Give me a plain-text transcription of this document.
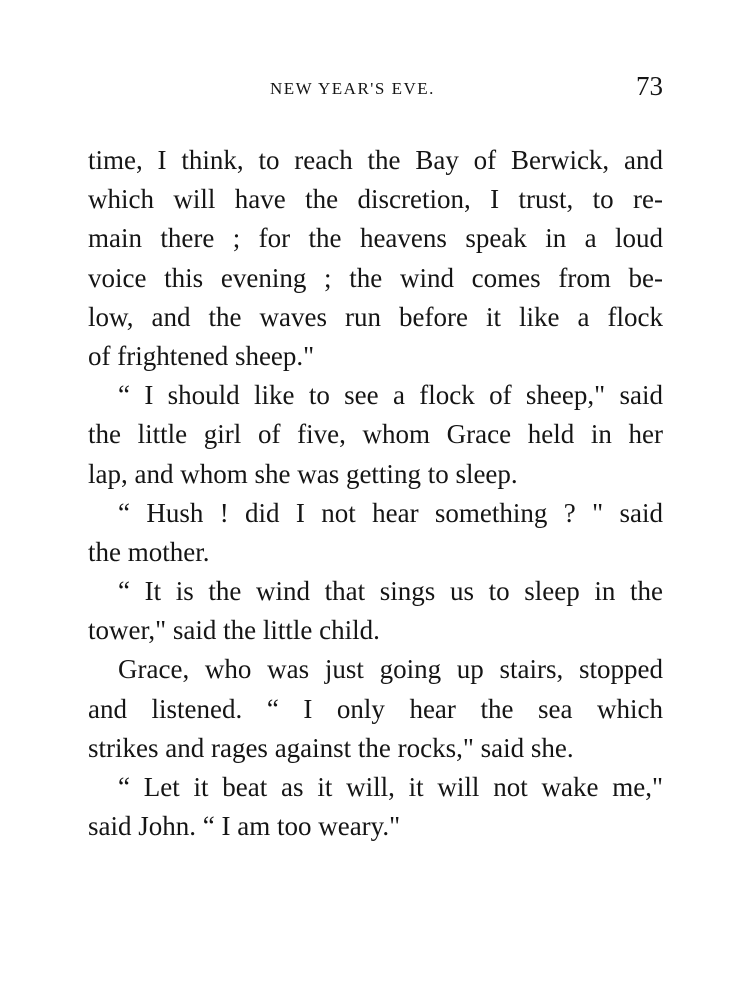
NEW YEAR'S EVE.	73
time, I think, to reach the Bay of Berwick, and
which will have the discretion, I trust, to re-
main there ; for the heavens speak in a loud
voice this evening ; the wind comes from be-
low, and the waves run before it like a flock
of frightened sheep."
“ I should like to see a flock of sheep," said
the little girl of five, whom Grace held in her
lap, and whom she was getting to sleep.
“ Hush ! did I not hear something ? " said
the mother.
“ It is the wind that sings us to sleep in the
tower," said the little child.
Grace, who was just going up stairs, stopped
and listened. “ I only hear the sea which
strikes and rages against the rocks," said she.
“ Let it beat as it will, it will not wake me,"
said John. “ I am too weary."
